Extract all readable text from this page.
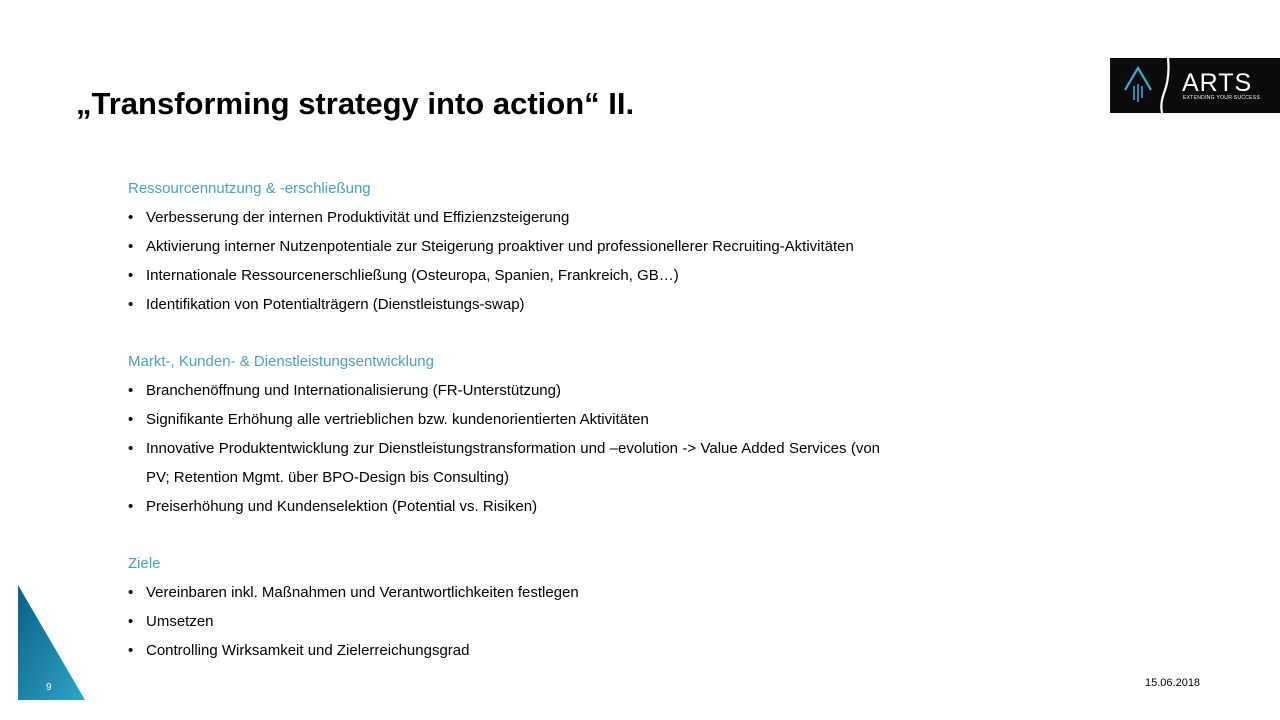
„Transforming strategy into action“ II.
ARTS
EXTENDING YOUR SUCCESS
Ressourcennutzung & -erschließung
• Verbesserung der internen Produktivität und Effizienzsteigerung
• Aktivierung interner Nutzenpotentiale zur Steigerung proaktiver und professionellerer Recruiting-Aktivitäten
• Internationale Ressourcenerschließung (Osteuropa, Spanien, Frankreich, GB…)
• Identifikation von Potentialträgern (Dienstleistungs-swap)
Markt-, Kunden- & Dienstleistungsentwicklung
• Branchenöffnung und Internationalisierung (FR-Unterstützung)
• Signifikante Erhöhung alle vertrieblichen bzw. kundenorientierten Aktivitäten
• Innovative Produktentwicklung zur Dienstleistungstransformation und –evolution -> Value Added Services (von PV; Retention Mgmt. über BPO-Design bis Consulting)
• Preiserhöhung und Kundenselektion (Potential vs. Risiken)
Ziele
• Vereinbaren inkl. Maßnahmen und Verantwortlichkeiten festlegen
• Umsetzen
• Controlling Wirksamkeit und Zielerreichungsgrad
9	15.06.2018
